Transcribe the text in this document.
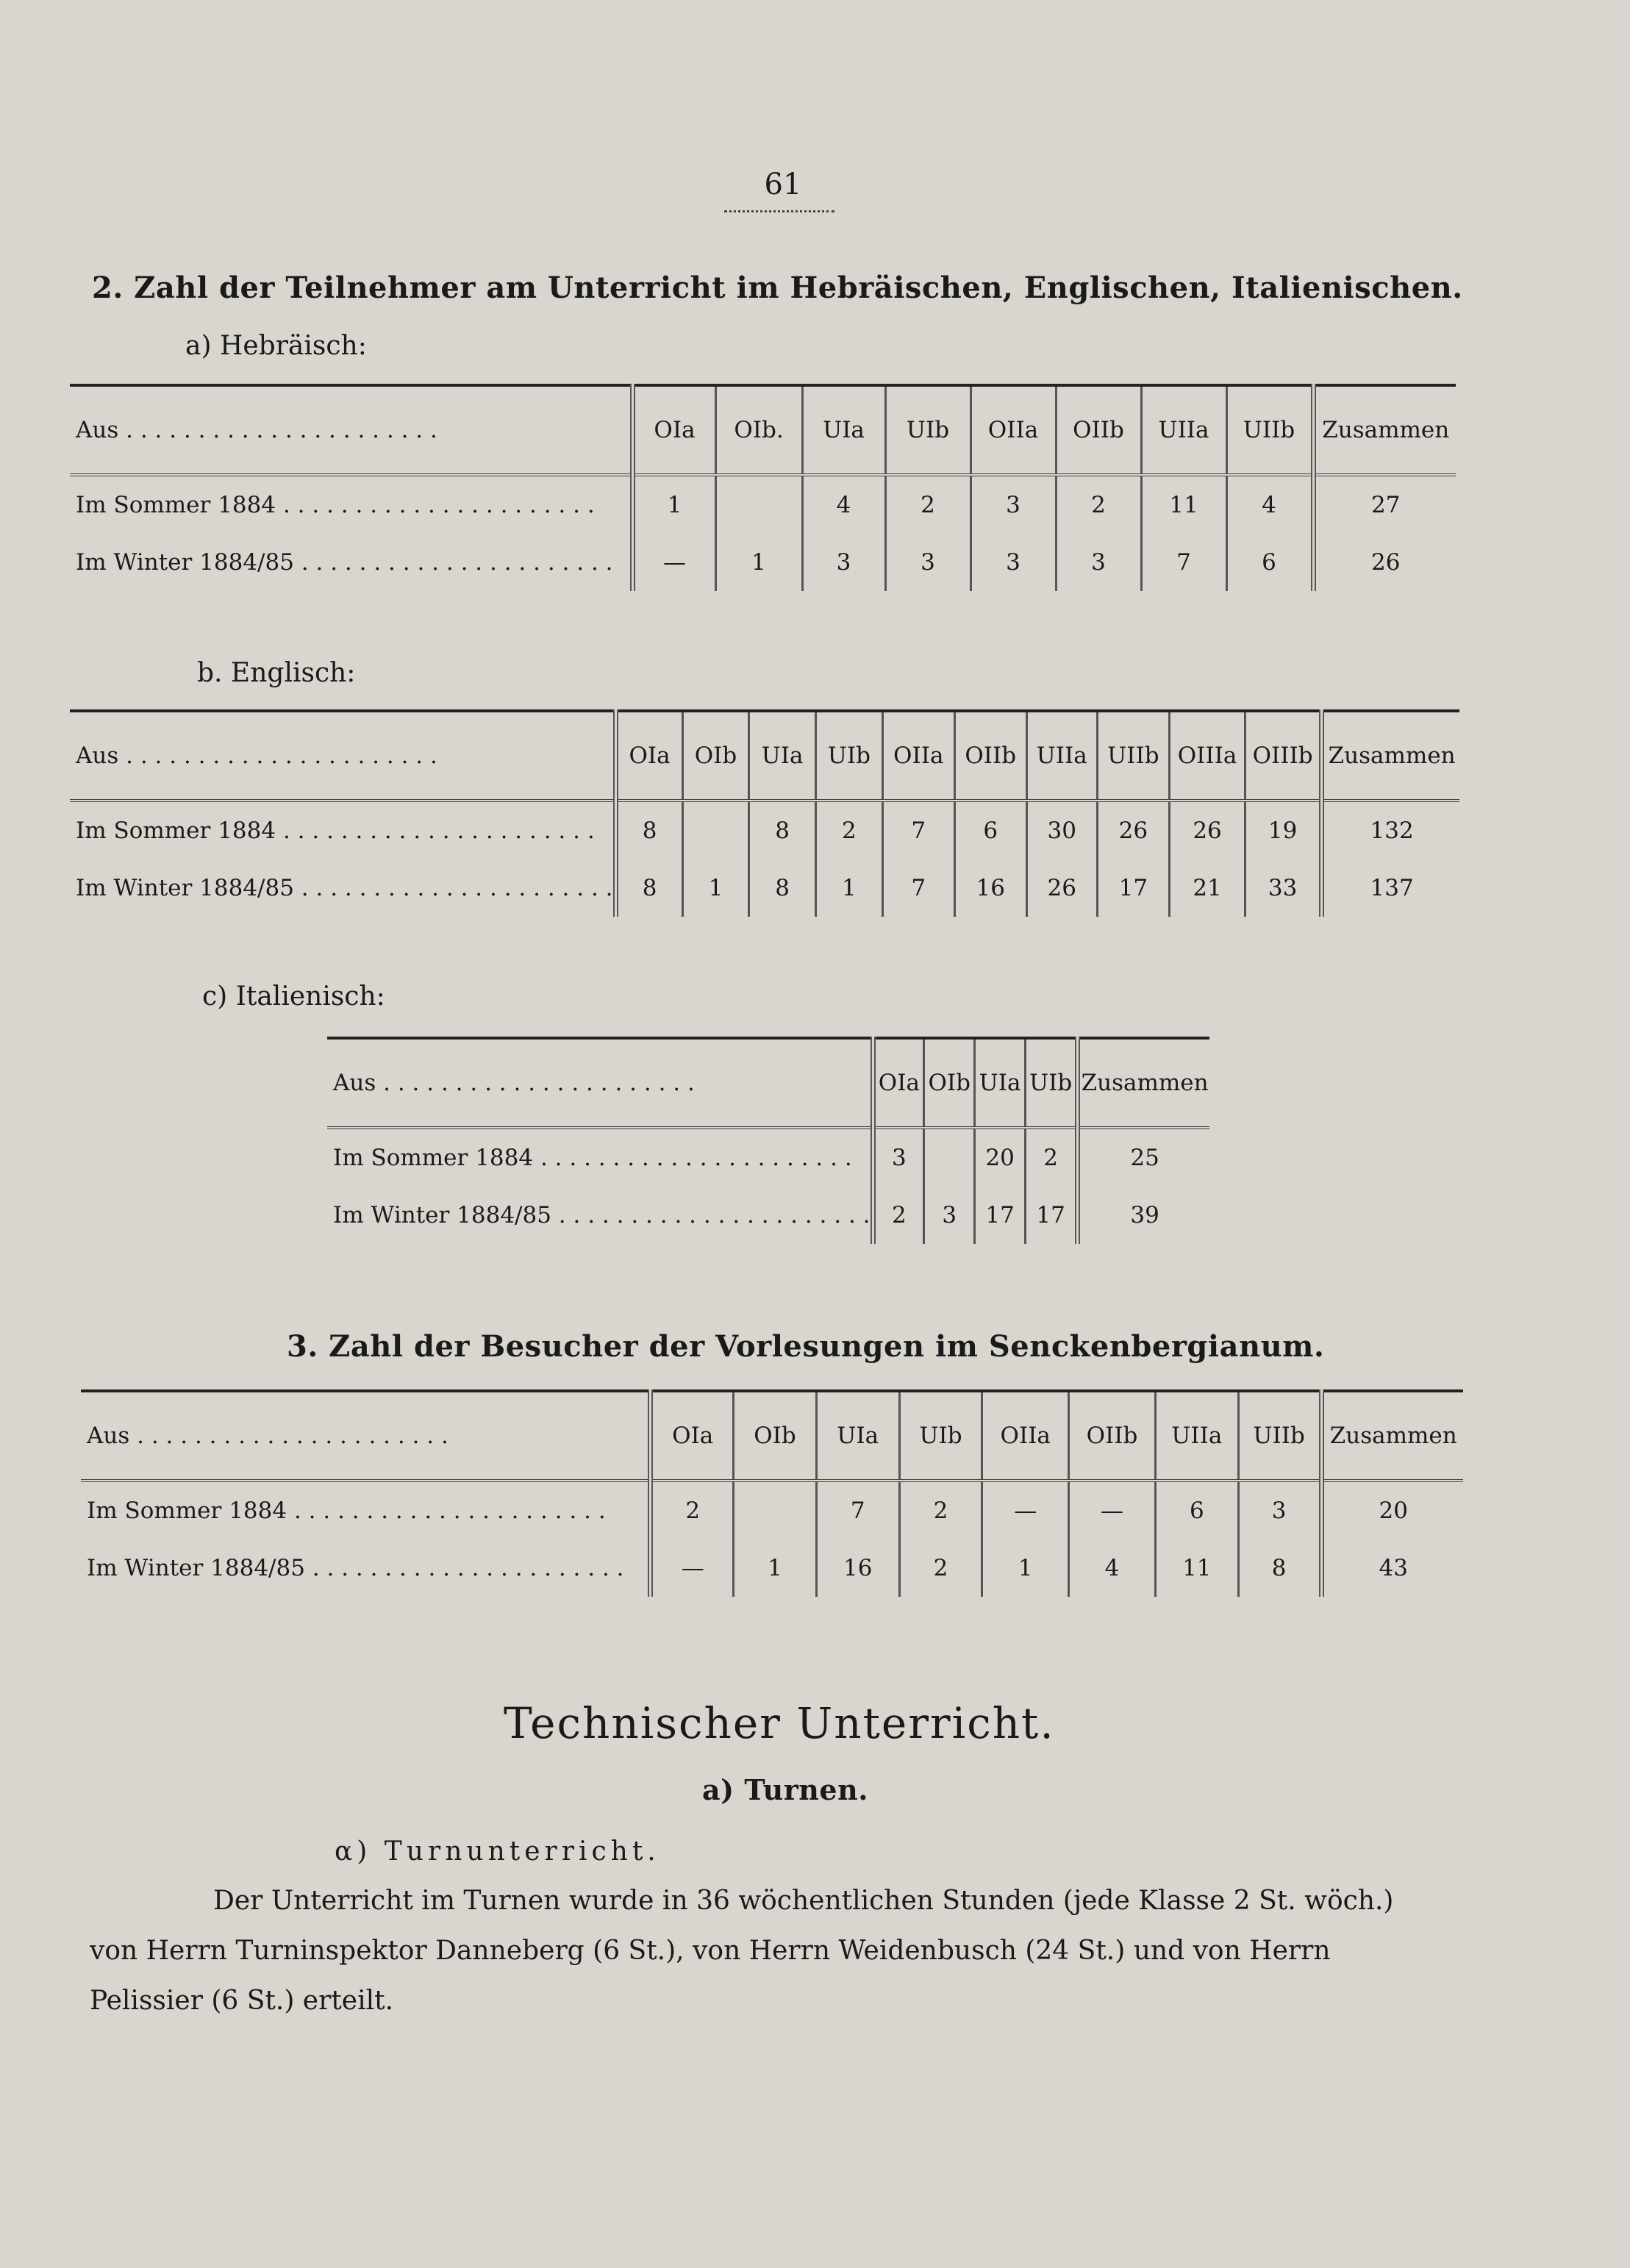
61
2. Zahl der Teilnehmer am Unterricht im Hebräischen, Englischen, Italienischen.
a) Hebräisch:
Aus . . .	OIa	OIb.	UIa	UIb	OIIa	OIIb	UIIa	UIIb	Zusammen
Im Sommer 1884 . . .	1		4	2	3	2	11	4	27
Im Winter 1884/85 . . .	—	1	3	3	3	3	7	6	26
b. Englisch:
Aus . . .	OIa	OIb	UIa	UIb	OIIa	OIIb	UIIa	UIIb	OIIIa	OIIIb	Zusammen
Im Sommer 1884 . . .	8		8	2	7	6	30	26	26	19	132
Im Winter 1884/85 . . .	8	1	8	1	7	16	26	17	21	33	137
c) Italienisch:
Aus . . .	OIa	OIb	UIa	UIb	Zusammen
Im Sommer 1884 . . .	3		20	2	25
Im Winter 1884/85 . . .	2	3	17	17	39
3. Zahl der Besucher der Vorlesungen im Senckenbergianum.
Aus . . .	OIa	OIb	UIa	UIb	OIIa	OIIb	UIIa	UIIb	Zusammen
Im Sommer 1884 . . .	2		7	2	—	—	6	3	20
Im Winter 1884/85 . . .	—	1	16	2	1	4	11	8	43
Technischer Unterricht.
a) Turnen.
α) Turnunterricht.
Der Unterricht im Turnen wurde in 36 wöchentlichen Stunden (jede Klasse 2 St. wöch.)
von Herrn Turninspektor Danneberg (6 St.), von Herrn Weidenbusch (24 St.) und von Herrn
Pelissier (6 St.) erteilt.
